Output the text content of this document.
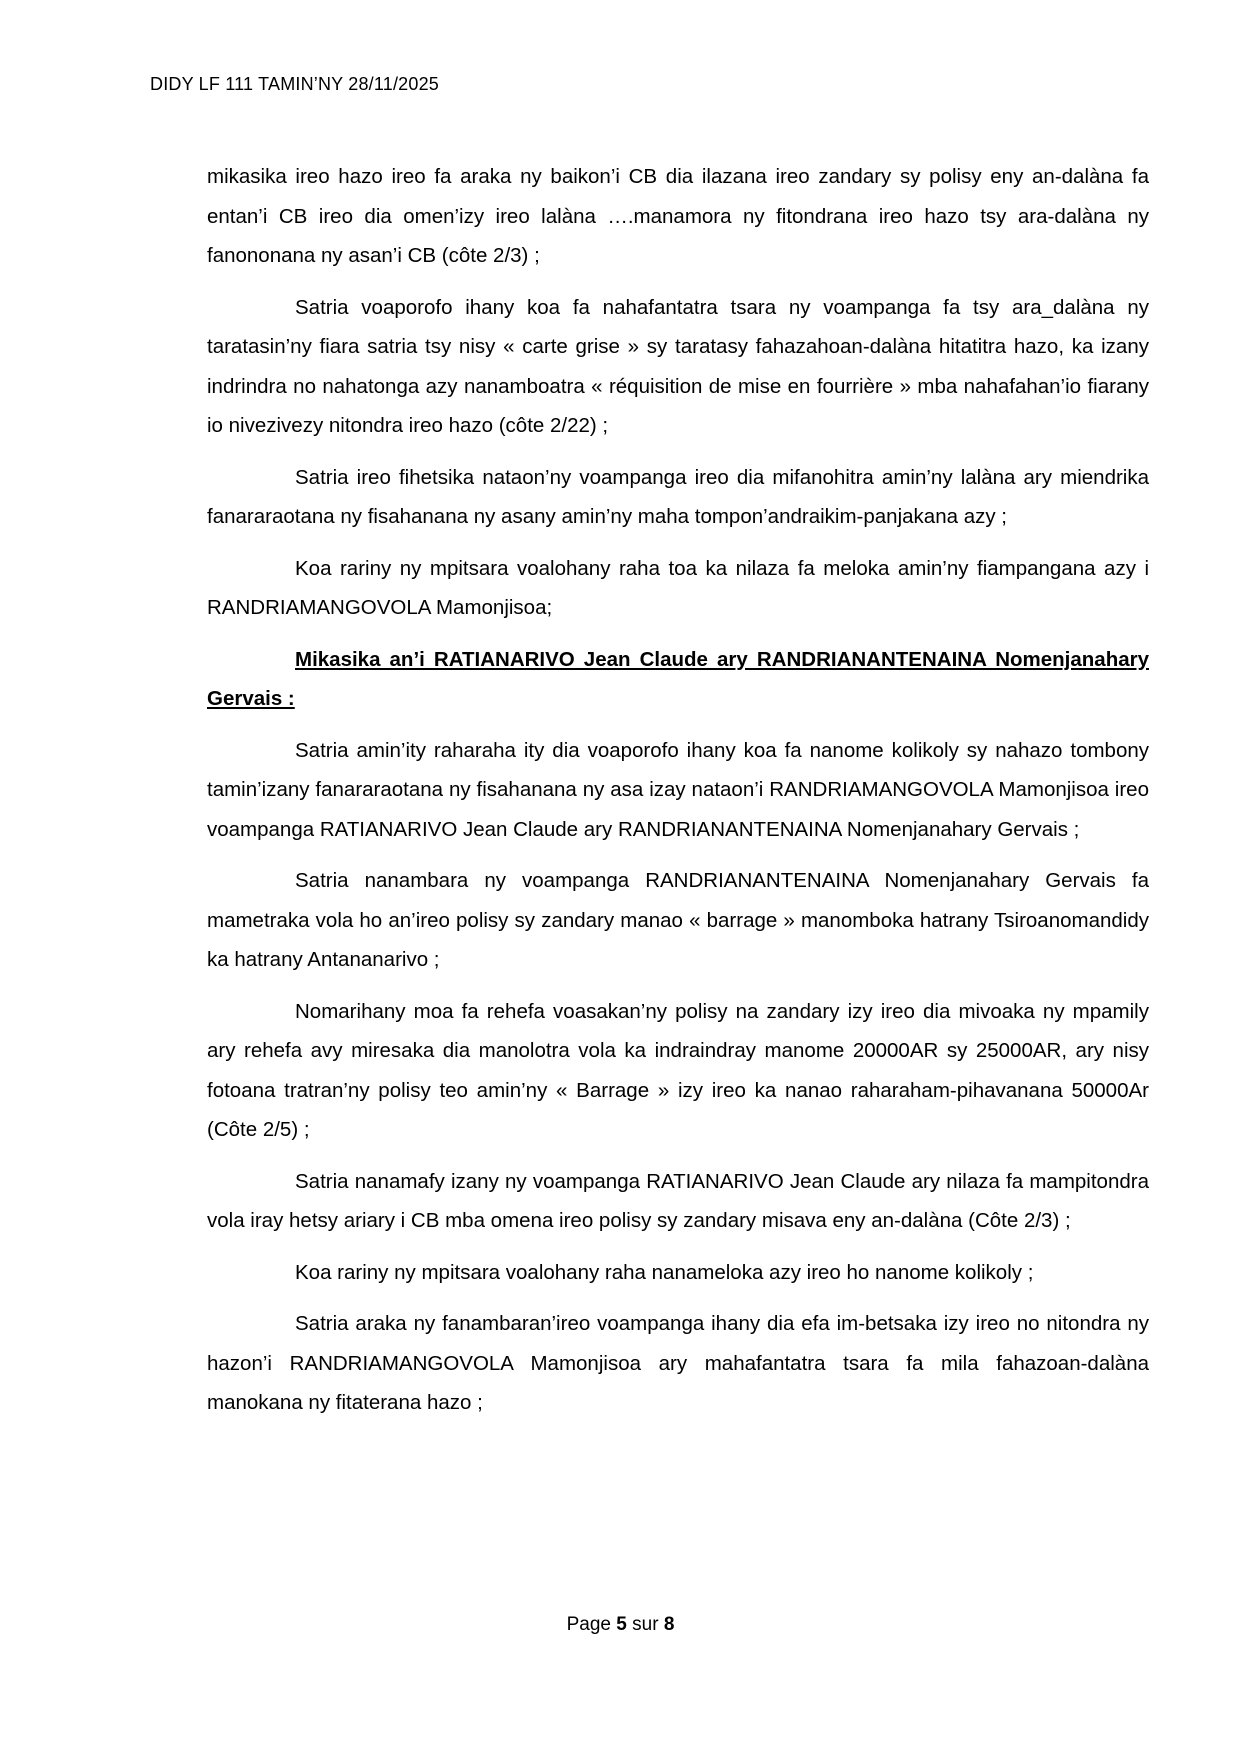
DIDY LF 111 TAMIN’NY 28/11/2025

mikasika ireo hazo ireo fa araka ny baikon’i CB dia ilazana ireo zandary sy polisy eny an-dalàna fa entan’i CB ireo dia omen’izy ireo lalàna ….manamora ny fitondrana ireo hazo tsy ara-dalàna ny fanononana ny asan’i CB (côte 2/3) ;

Satria voaporofo ihany koa fa nahafantatra tsara ny voampanga fa tsy ara_dalàna ny taratasin’ny fiara satria tsy nisy « carte grise » sy taratasy fahazahoan-dalàna hitatitra hazo, ka izany indrindra no nahatonga azy nanamboatra « réquisition de mise en fourrière » mba nahafahan’io fiarany io nivezivezy nitondra ireo hazo (côte 2/22) ;

Satria ireo fihetsika nataon’ny voampanga ireo dia mifanohitra amin’ny lalàna ary miendrika fanararaotana ny fisahanana ny asany amin’ny maha tompon’andraikim-panjakana azy ;

Koa rariny ny mpitsara voalohany raha toa ka nilaza fa meloka amin’ny fiampangana azy i RANDRIAMANGOVOLA Mamonjisoa;

Mikasika an’i RATIANARIVO Jean Claude ary RANDRIANANTENAINA Nomenjanahary Gervais :

Satria amin’ity raharaha ity dia voaporofo ihany koa fa nanome kolikoly sy nahazo tombony tamin’izany fanararaotana ny fisahanana ny asa izay nataon’i RANDRIAMANGOVOLA Mamonjisoa ireo voampanga RATIANARIVO Jean Claude ary RANDRIANANTENAINA Nomenjanahary Gervais ;

Satria nanambara ny voampanga RANDRIANANTENAINA Nomenjanahary Gervais fa mametraka vola ho an’ireo polisy sy zandary manao « barrage » manomboka hatrany Tsiroanomandidy ka hatrany Antananarivo ;

Nomarihany moa fa rehefa voasakan’ny polisy na zandary izy ireo dia mivoaka ny mpamily ary rehefa avy miresaka dia manolotra vola ka indraindray manome 20000AR sy 25000AR, ary nisy fotoana tratran’ny polisy teo amin’ny « Barrage » izy ireo ka nanao raharaham-pihavanana 50000Ar (Côte 2/5) ;

Satria nanamafy izany ny voampanga RATIANARIVO Jean Claude ary nilaza fa mampitondra vola iray hetsy ariary i CB mba omena ireo polisy sy zandary misava eny an-dalàna (Côte 2/3) ;

Koa rariny ny mpitsara voalohany raha nanameloka azy ireo ho nanome kolikoly ;

Satria araka ny fanambaran’ireo voampanga ihany dia efa im-betsaka izy ireo no nitondra ny hazon’i RANDRIAMANGOVOLA Mamonjisoa ary mahafantatra tsara fa mila fahazoan-dalàna manokana ny fitaterana hazo ;

Page 5 sur 8
